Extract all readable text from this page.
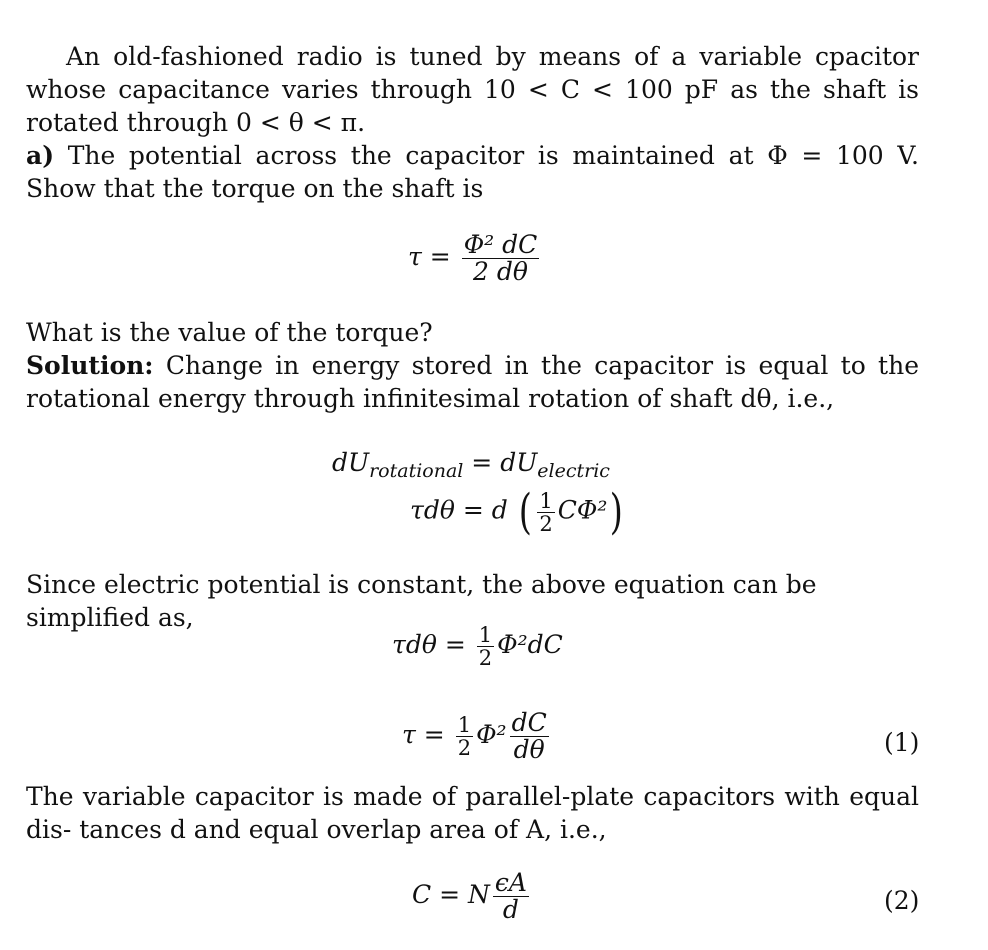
An old-fashioned radio is tuned by means of a variable cpacitor whose capacitance varies through 10 < C < 100 pF as the shaft is rotated through 0 < θ < π.
a) The potential across the capacitor is maintained at Φ = 100 V. Show that the torque on the shaft is
$\tau = \frac{\text{Φ² dC}}{2 d\theta}$
What is the value of the torque?
Solution: Change in energy stored in the capacitor is equal to the rotational energy through infinitesimal rotation of shaft dθ, i.e.,
$dU_{rotational} = dU_{electric}$
τdθ = d ( $\frac{1}{2} C\Phi^2$)
Since electric potential is constant, the above equation can be simplified as,
$\tau d\theta = \frac{1}{2} \Phi^2dC$
$\tau = \frac{1}{2} \Phi^2 \frac{dC}{d\theta}$	(1)
The variable capacitor is made of parallel-plate capacitors with equal dis- tances d and equal overlap area of A, i.e.,
C = N $\frac{\epsilon A}{d}$	(2)
